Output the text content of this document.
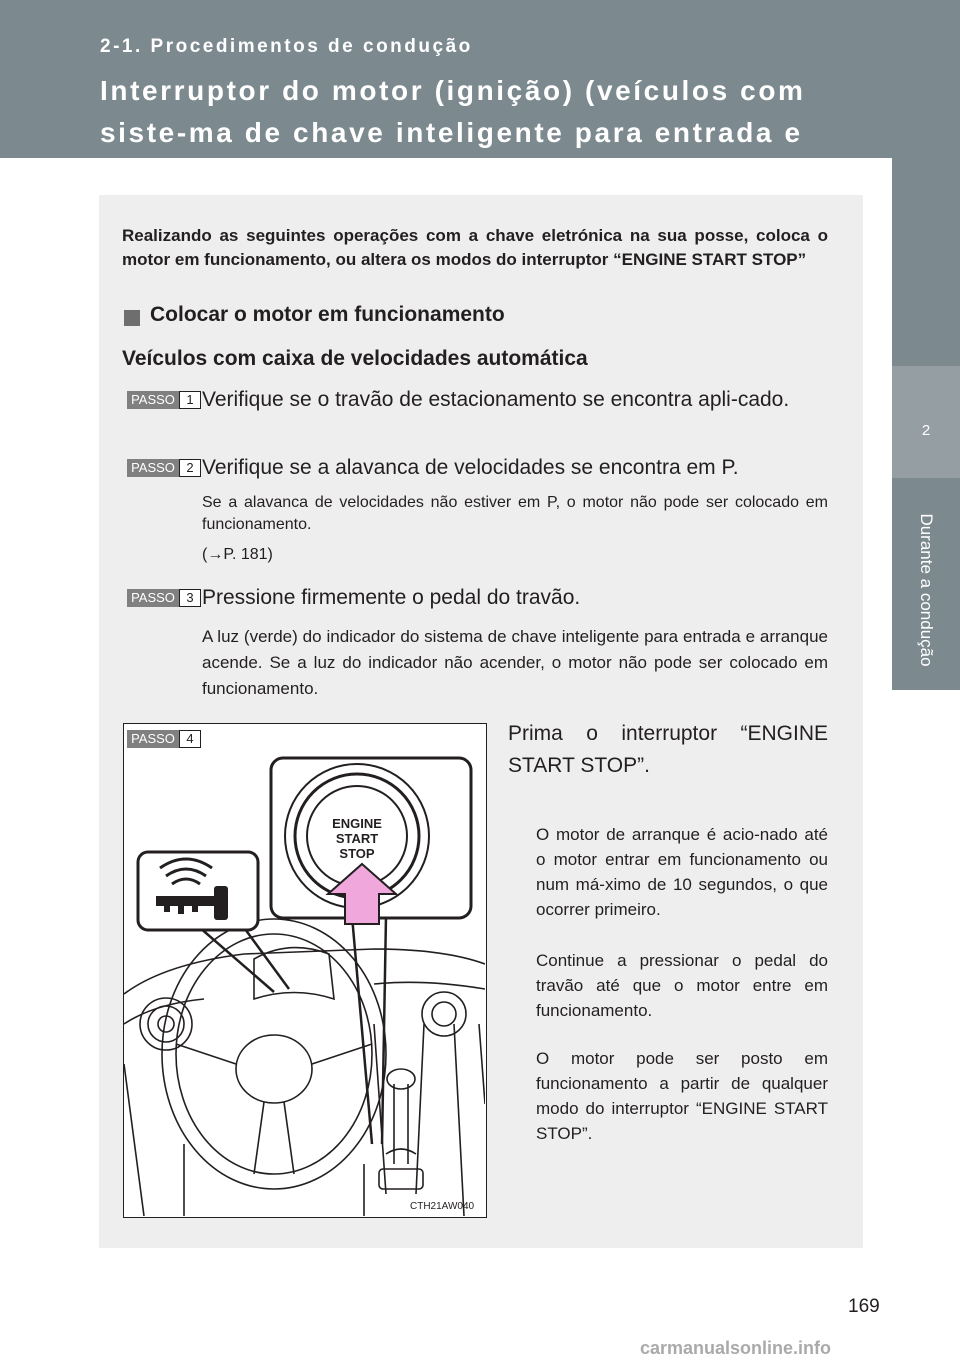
2-1. Procedimentos de condução
Interruptor do motor (ignição) (veículos com siste-ma de chave inteligente para entrada e arranque)
2
Durante a condução
Realizando as seguintes operações com a chave eletrónica na sua posse, coloca o motor em funcionamento, ou altera os modos do interruptor “ENGINE START STOP”
Colocar o motor em funcionamento
Veículos com caixa de velocidades automática
PASSO 1 Verifique se o travão de estacionamento se encontra apli-cado.
PASSO 2 Verifique se a alavanca de velocidades se encontra em P.
Se a alavanca de velocidades não estiver em P, o motor não pode ser colocado em funcionamento.
(→P. 181)
PASSO 3 Pressione firmemente o pedal do travão.
A luz (verde) do indicador do sistema de chave inteligente para entrada e arranque acende. Se a luz do indicador não acender, o motor não pode ser colocado em funcionamento.
ENGINE
START
STOP
PASSO 4
CTH21AW040
Prima o interruptor “ENGINE START STOP”.
O motor de arranque é acio-nado até o motor entrar em funcionamento ou num má-ximo de 10 segundos, o que ocorrer primeiro.
Continue a pressionar o pedal do travão até que o motor entre em funcionamento.
O motor pode ser posto em funcionamento a partir de qualquer modo do interruptor “ENGINE START STOP”.
169
carmanualsonline.info
